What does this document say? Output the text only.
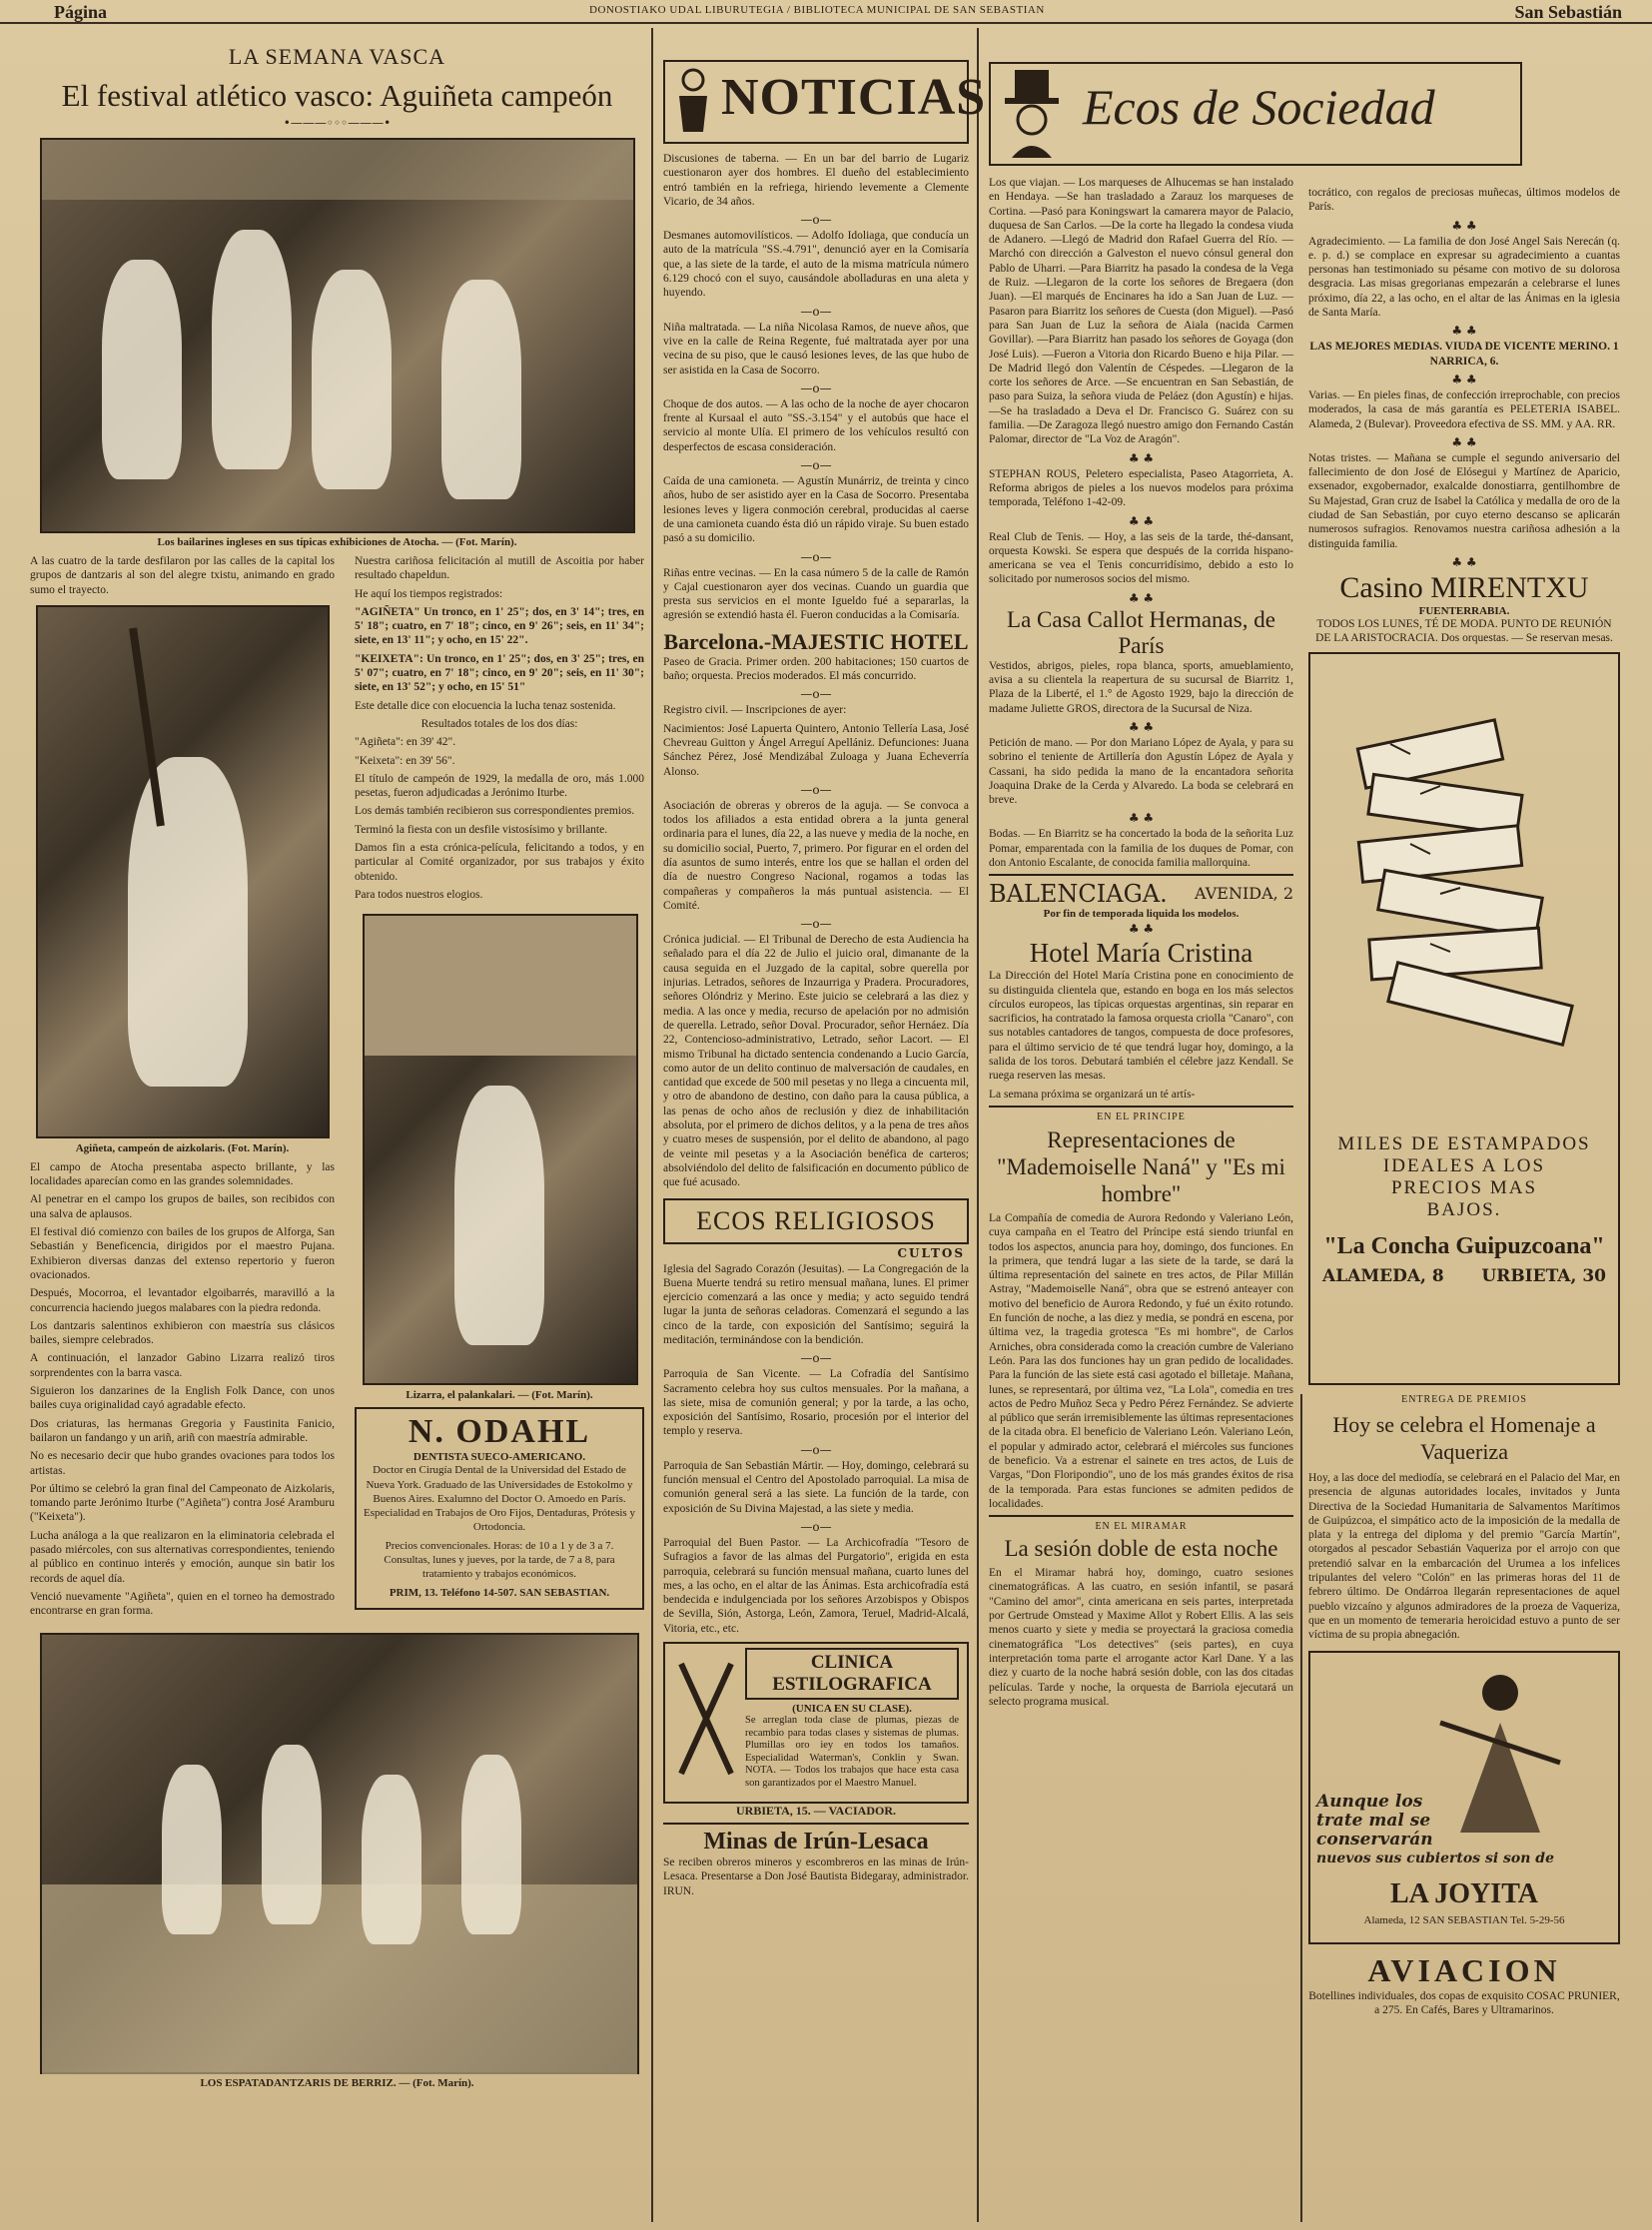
Página	DONOSTIAKO UDAL LIBURUTEGIA / BIBLIOTECA MUNICIPAL DE SAN SEBASTIAN	San Sebastián
LA SEMANA VASCA
El festival atlético vasco: Aguiñeta campeón
•———◦◦◦———•
Los bailarines ingleses en sus típicas exhibiciones de Atocha. — (Fot. Marín).

A las cuatro de la tarde desfilaron por las calles de la capital los grupos de dantzaris al son del alegre txistu, animando en grado sumo el trayecto.

Agiñeta, campeón de aizkolaris. (Fot. Marín).

El campo de Atocha presentaba aspecto brillante, y las localidades aparecían como en las grandes solemnidades.

Al penetrar en el campo los grupos de bailes, son recibidos con una salva de aplausos.

El festival dió comienzo con bailes de los grupos de Alforga, San Sebastián y Beneficencia, dirigidos por el maestro Pujana. Exhibieron diversas danzas del extenso repertorio y fueron ovacionados.

Después, Mocorroa, el levantador elgoibarrés, maravilló a la concurrencia haciendo juegos malabares con la piedra redonda.

Los dantzaris salentinos exhibieron con maestría sus clásicos bailes, siempre celebrados.

A continuación, el lanzador Gabino Lizarra realizó tiros sorprendentes con la barra vasca.

Siguieron los danzarines de la English Folk Dance, con unos bailes cuya originalidad cayó agradable efecto.

Dos criaturas, las hermanas Gregoria y Faustinita Fanicio, bailaron un fandango y un ariñ, ariñ con maestría admirable.

No es necesario decir que hubo grandes ovaciones para todos los artistas.

Por último se celebró la gran final del Campeonato de Aizkolaris, tomando parte Jerónimo Iturbe ("Agiñeta") contra José Aramburu ("Keixeta").

Lucha análoga a la que realizaron en la eliminatoria celebrada el pasado miércoles, con sus alternativas correspondientes, teniendo al público en continuo interés y emoción, aunque sin batir los records de aquel día.

Venció nuevamente "Agiñeta", quien en el torneo ha demostrado encontrarse en gran forma.

Nuestra cariñosa felicitación al mutill de Ascoitia por haber resultado chapeldun.

He aquí los tiempos registrados:

"AGIÑETA" Un tronco, en 1' 25"; dos, en 3' 14"; tres, en 5' 18"; cuatro, en 7' 18"; cinco, en 9' 26"; seis, en 11' 34"; siete, en 13' 11"; y ocho, en 15' 22".

"KEIXETA": Un tronco, en 1' 25"; dos, en 3' 25"; tres, en 5' 07"; cuatro, en 7' 18"; cinco, en 9' 20"; seis, en 11' 30"; siete, en 13' 52"; y ocho, en 15' 51"

Este detalle dice con elocuencia la lucha tenaz sostenida.

Resultados totales de los dos días:

"Agiñeta": en 39' 42".

"Keixeta": en 39' 56".

El título de campeón de 1929, la medalla de oro, más 1.000 pesetas, fueron adjudicadas a Jerónimo Iturbe.

Los demás también recibieron sus correspondientes premios.

Terminó la fiesta con un desfile vistosísimo y brillante.

Damos fin a esta crónica-película, felicitando a todos, y en particular al Comité organizador, por sus trabajos y éxito obtenido.

Para todos nuestros elogios.

Lizarra, el palankalari. — (Fot. Marín).
N. ODAHL
DENTISTA SUECO-AMERICANO.

Doctor en Cirugía Dental de la Universidad del Estado de Nueva York. Graduado de las Universidades de Estokolmo y Buenos Aires. Exalumno del Doctor O. Amoedo en París. Especialidad en Trabajos de Oro Fijos, Dentaduras, Prótesis y Ortodoncia.

Precios convencionales. Horas: de 10 a 1 y de 3 a 7. Consultas, lunes y jueves, por la tarde, de 7 a 8, para tratamiento y trabajos económicos.

PRIM, 13. Teléfono 14-507. SAN SEBASTIAN.

LOS ESPATADANTZARIS DE BERRIZ. — (Fot. Marín).
NOTICIAS

Discusiones de taberna. — En un bar del barrio de Lugariz cuestionaron ayer dos hombres. El dueño del establecimiento entró también en la refriega, hiriendo levemente a Clemente Vicario, de 34 años.

—o—

Desmanes automovilísticos. — Adolfo Idoliaga, que conducía un auto de la matrícula "SS.-4.791", denunció ayer en la Comisaría que, a las siete de la tarde, el auto de la misma matrícula número 6.129 chocó con el suyo, causándole abolladuras en una aleta y huyendo.

—o—

Niña maltratada. — La niña Nicolasa Ramos, de nueve años, que vive en la calle de Reina Regente, fué maltratada ayer por una vecina de su piso, que le causó lesiones leves, de las que hubo de ser asistida en la Casa de Socorro.

—o—

Choque de dos autos. — A las ocho de la noche de ayer chocaron frente al Kursaal el auto "SS.-3.154" y el autobús que hace el servicio al monte Ulía. El primero de los vehículos resultó con desperfectos de escasa consideración.

—o—

Caída de una camioneta. — Agustín Munárriz, de treinta y cinco años, hubo de ser asistido ayer en la Casa de Socorro. Presentaba lesiones leves y ligera conmoción cerebral, producidas al caerse de una camioneta cuando ésta dió un rápido viraje. Su buen estado pasó a su domicilio.

—o—

Riñas entre vecinas. — En la casa número 5 de la calle de Ramón y Cajal cuestionaron ayer dos vecinas. Cuando un guardia que presta sus servicios en el monte Igueldo fué a separarlas, la agresión se extendió hasta él. Fueron conducidas a la Comisaría.

Barcelona.-MAJESTIC HOTEL

Paseo de Gracia. Primer orden. 200 habitaciones; 150 cuartos de baño; orquesta. Precios moderados. El más concurrido.

—o—

Registro civil. — Inscripciones de ayer:

Nacimientos: José Lapuerta Quintero, Antonio Tellería Lasa, José Chevreau Guitton y Ángel Arreguí Apellániz. Defunciones: Juana Sánchez Pérez, José Mendizábal Zuloaga y Juana Echeverría Alonso.

—o—

Asociación de obreras y obreros de la aguja. — Se convoca a todos los afiliados a esta entidad obrera a la junta general ordinaria para el lunes, día 22, a las nueve y media de la noche, en su domicilio social, Puerto, 7, primero. Por figurar en el orden del día asuntos de sumo interés, entre los que se hallan el orden del día de nuestro Congreso Nacional, rogamos a todas las compañeras y compañeros la más puntual asistencia. — El Comité.

—o—

Crónica judicial. — El Tribunal de Derecho de esta Audiencia ha señalado para el día 22 de Julio el juicio oral, dimanante de la causa seguida en el Juzgado de la capital, sobre querella por injurias. Letrados, señores de Inzaurriga y Pradera. Procuradores, señores Olóndriz y Merino. Este juicio se celebrará a las diez y media. A las once y media, recurso de apelación por no admisión de querella. Letrado, señor Doval. Procurador, señor Hernáez. Día 22, Contencioso-administrativo, Letrado, señor Lacort. — El mismo Tribunal ha dictado sentencia condenando a Lucio García, como autor de un delito continuo de malversación de caudales, en cantidad que excede de 500 mil pesetas y no llega a cincuenta mil, y otro de abandono de destino, con daño para la causa pública, a las penas de ocho años de reclusión y diez de inhabilitación absoluta, por el primero de dichos delitos, y a la pena de tres años y cuatro meses de suspensión, por el delito de abandono, al pago de veinte mil pesetas y a la Asociación benéfica de carteros; absolviéndolo del delito de falsificación en documento público de que fué acusado.

ECOS RELIGIOSOS
CULTOS

Iglesia del Sagrado Corazón (Jesuitas). — La Congregación de la Buena Muerte tendrá su retiro mensual mañana, lunes. El primer ejercicio comenzará a las once y media; y acto seguido tendrá lugar la junta de señoras celadoras. Comenzará el segundo a las cinco de la tarde, con exposición del Santísimo; seguirá la meditación, terminándose con la bendición.

—o—

Parroquia de San Vicente. — La Cofradía del Santísimo Sacramento celebra hoy sus cultos mensuales. Por la mañana, a las siete, misa de comunión general; y por la tarde, a las ocho, exposición del Santísimo, Rosario, procesión por el interior del templo y reserva.

—o—

Parroquia de San Sebastián Mártir. — Hoy, domingo, celebrará su función mensual el Centro del Apostolado parroquial. La misa de comunión general será a las siete. La función de la tarde, con exposición de Su Divina Majestad, a las siete y media.

—o—

Parroquial del Buen Pastor. — La Archicofradía "Tesoro de Sufragios a favor de las almas del Purgatorio", erigida en esta parroquia, celebrará su función mensual mañana, cuarto lunes del mes, a las ocho, en el altar de las Ánimas. Esta archicofradía está bendecida e indulgenciada por los señores Arzobispos y Obispos de Sevilla, Sión, Astorga, León, Zamora, Teruel, Madrid-Alcalá, Vitoria, etc., etc.

CLINICA ESTILOGRAFICA
(UNICA EN SU CLASE).

Se arreglan toda clase de plumas, piezas de recambio para todas clases y sistemas de plumas. Plumillas oro iey en todos los tamaños. Especialidad Waterman's, Conklin y Swan. NOTA. — Todos los trabajos que hace esta casa son garantizados por el Maestro Manuel.

URBIETA, 15. — VACIADOR.
Minas de Irún-Lesaca

Se reciben obreros mineros y escombreros en las minas de Irún-Lesaca. Presentarse a Don José Bautista Bidegaray, administrador. IRUN.

Ecos de Sociedad

Los que viajan. — Los marqueses de Alhucemas se han instalado en Hendaya. —Se han trasladado a Zarauz los marqueses de Cortina. —Pasó para Koningswart la camarera mayor de Palacio, duquesa de San Carlos. —De la corte ha llegado la condesa viuda de Adanero. —Llegó de Madrid don Rafael Guerra del Río. —Marchó con dirección a Galveston el nuevo cónsul general don Pablo de Uharri. —Para Biarritz ha pasado la condesa de la Vega de Ruiz. —Llegaron de la corte los señores de Bregaera (don Juan). —El marqués de Encinares ha ido a San Juan de Luz. —Pasaron para Biarritz los señores de Cuesta (don Miguel). —Pasó para San Juan de Luz la señora de Aiala (nacida Carmen Govillar). —Para Biarritz han pasado los señores de Goyaga (don José Luis). —Fueron a Vitoria don Ricardo Bueno e hija Pilar. —De Madrid llegó don Valentín de Céspedes. —Llegaron de la corte los señores de Arce. —Se encuentran en San Sebastián, de paso para Suiza, la señora viuda de Peláez (don Agustín) e hijas. —Se ha trasladado a Deva el Dr. Francisco G. Suárez con su familia. —De Zaragoza llegó nuestro amigo don Fernando Castán Palomar, director de "La Voz de Aragón".

♣ ♣

STEPHAN ROUS, Peletero especialista, Paseo Atagorrieta, A. Reforma abrigos de pieles a los nuevos modelos para próxima temporada, Teléfono 1-42-09.

♣ ♣

Real Club de Tenis. — Hoy, a las seis de la tarde, thé-dansant, orquesta Kowski. Se espera que después de la corrida hispano-americana se vea el Tenis concurridísimo, debido a esto lo solicitado por numerosos socios del mismo.

♣ ♣
La Casa Callot Hermanas, de París

Vestidos, abrigos, pieles, ropa blanca, sports, amueblamiento, avisa a su clientela la reapertura de su sucursal de Biarritz 1, Plaza de la Liberté, el 1.° de Agosto 1929, bajo la dirección de madame Juliette GROS, directora de la Sucursal de Niza.

♣ ♣

Petición de mano. — Por don Mariano López de Ayala, y para su sobrino el teniente de Artillería don Agustín López de Ayala y Cassani, ha sido pedida la mano de la encantadora señorita Joaquina Drake de la Cerda y Alvaredo. La boda se celebrará en breve.

♣ ♣

Bodas. — En Biarritz se ha concertado la boda de la señorita Luz Pomar, emparentada con la familia de los duques de Pomar, con don Antonio Escalante, de conocida familia mallorquina.

BALENCIAGA. AVENIDA, 2
Por fin de temporada liquida los modelos.
♣ ♣
Hotel María Cristina

La Dirección del Hotel María Cristina pone en conocimiento de su distinguida clientela que, estando en boga en los más selectos círculos europeos, las típicas orquestas argentinas, sin reparar en sacrificios, ha contratado la famosa orquesta criolla "Canaro", con sus notables cantadores de tangos, compuesta de doce profesores, para el último servicio de té que tendrá lugar hoy, domingo, a la salida de los toros. Debutará también el célebre jazz Kendall. Se ruega reserven las mesas.

La semana próxima se organizará un té artís-

EN EL PRINCIPE
Representaciones de "Mademoiselle Naná" y "Es mi hombre"

La Compañía de comedia de Aurora Redondo y Valeriano León, cuya campaña en el Teatro del Príncipe está siendo triunfal en todos los aspectos, anuncia para hoy, domingo, dos funciones. En la primera, que tendrá lugar a las siete de la tarde, se dará la última representación del sainete en tres actos, de Pilar Millán Astray, "Mademoiselle Naná", obra que se estrenó anteayer con motivo del beneficio de Aurora Redondo, y fué un éxito rotundo. En función de noche, a las diez y media, se pondrá en escena, por última vez, la tragedia grotesca "Es mi hombre", de Carlos Arniches, obra considerada como la creación cumbre de Valeriano León. Para las dos funciones hay un gran pedido de localidades. Para la función de las siete está casi agotado el billetaje. Mañana, lunes, se representará, por última vez, "La Lola", comedia en tres actos de Pedro Muñoz Seca y Pedro Pérez Fernández. Se advierte al público que serán irremisiblemente las últimas representaciones de la citada obra. El beneficio de Valeriano León. Valeriano León, el popular y admirado actor, celebrará el miércoles sus funciones de beneficio. Va a estrenar el sainete en tres actos, de Luis de Vargas, "Don Floripondio", uno de los más grandes éxitos de risa de la temporada. Para estas funciones se admiten pedidos de localidades.

EN EL MIRAMAR
La sesión doble de esta noche

En el Miramar habrá hoy, domingo, cuatro sesiones cinematográficas. A las cuatro, en sesión infantil, se pasará "Camino del amor", cinta americana en seis partes, interpretada por Gertrude Omstead y Maxime Allot y Robert Ellis. A las seis menos cuarto y siete y media se proyectará la graciosa comedia cinematográfica "Los detectives" (seis partes), en cuya interpretación toma parte el arrogante actor Karl Dane. Y a las diez y cuarto de la noche habrá sesión doble, con las dos citadas películas. Tarde y noche, la orquesta de Barriola ejecutará un selecto programa musical.

tocrático, con regalos de preciosas muñecas, últimos modelos de París.

♣ ♣

Agradecimiento. — La familia de don José Angel Sais Nerecán (q. e. p. d.) se complace en expresar su agradecimiento a cuantas personas han testimoniado su pésame con motivo de su dolorosa desgracia. Las misas gregorianas empezarán a celebrarse el lunes próximo, día 22, a las ocho, en el altar de las Ánimas en la iglesia de Santa María.

♣ ♣

LAS MEJORES MEDIAS. VIUDA DE VICENTE MERINO. 1 NARRICA, 6.

♣ ♣

Varias. — En pieles finas, de confección irreprochable, con precios moderados, la casa de más garantía es PELETERIA ISABEL. Alameda, 2 (Bulevar). Proveedora efectiva de SS. MM. y AA. RR.

♣ ♣

Notas tristes. — Mañana se cumple el segundo aniversario del fallecimiento de don José de Elósegui y Martínez de Aparicio, exsenador, exgobernador, exalcalde donostiarra, gentilhombre de Su Majestad, Gran cruz de Isabel la Católica y medalla de oro de la ciudad de San Sebastián, por cuyo eterno descanso se aplicarán numerosos sufragios. Renovamos nuestra cariñosa adhesión a la distinguida familia.

♣ ♣
Casino MIRENTXU
FUENTERRABIA.

TODOS LOS LUNES, TÉ DE MODA. PUNTO DE REUNIÓN DE LA ARISTOCRACIA. Dos orquestas. — Se reservan mesas.

MILES DE ESTAMPADOS
IDEALES A LOS
PRECIOS MAS
BAJOS.
"La Concha Guipuzcoana"
ALAMEDA, 8 URBIETA, 30
ENTREGA DE PREMIOS
Hoy se celebra el Homenaje a Vaqueriza

Hoy, a las doce del mediodía, se celebrará en el Palacio del Mar, en presencia de algunas autoridades locales, invitados y Junta Directiva de la Sociedad Humanitaria de Salvamentos Marítimos de Guipúzcoa, el simpático acto de la imposición de la medalla de plata y la entrega del diploma y del premio "García Martín", otorgados al pescador Sebastián Vaqueriza por el arrojo con que pretendió salvar en la embarcación del Urumea a los infelices tripulantes del velero "Colón" en las primeras horas del 11 de febrero último. De Ondárroa llegarán representaciones de aquel pueblo vizcaíno y algunos admiradores de la proeza de Vaqueriza, que en un momento de temeraria heroicidad estuvo a punto de ser víctima de su propia abnegación.

Aunque los
trate mal se
conservarán
nuevos sus cubiertos si son de
LA JOYITA
Alameda, 12 SAN SEBASTIAN Tel. 5-29-56
AVIACION

Botellines individuales, dos copas de exquisito COSAC PRUNIER, a 275. En Cafés, Bares y Ultramarinos.
